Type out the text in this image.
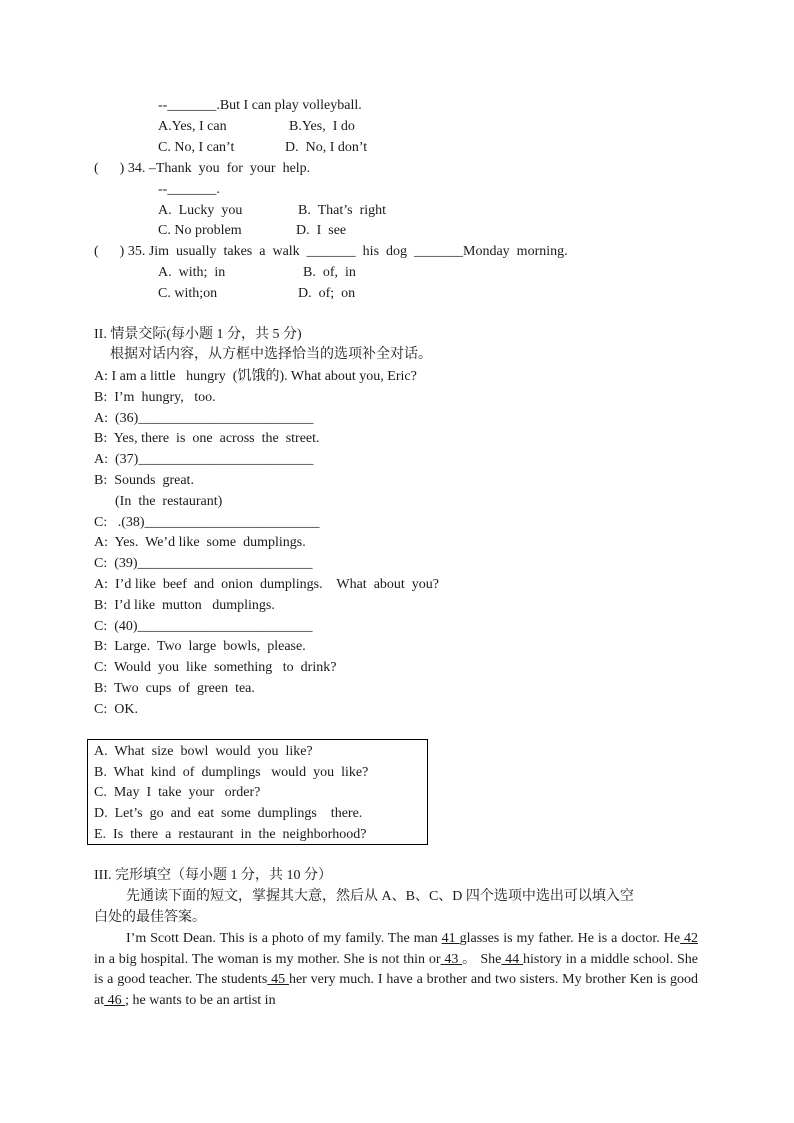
--_______.But I can play volleyball.
A.Yes, I can	B.Yes,  I do
C. No, I can’t	D.  No, I don’t
(      ) 34. –Thank  you  for  your  help.
--_______.
A.  Lucky  you	B.  That’s  right
C. No problem	D.  I  see
(      ) 35. Jim  usually  takes  a  walk  _______  his  dog  _______Monday  morning.
A.  with;  in	B.  of,  in
C. with;on	D.  of;  on
II. 情景交际(每小题 1 分，共 5 分)
根据对话内容，从方框中选择恰当的选项补全对话。
A: I am a little   hungry  (饥饿的). What about you, Eric?
B:  I’m  hungry,   too.
A:  (36)_________________________
B:  Yes, there  is  one  across  the  street.
A:  (37)_________________________
B:  Sounds  great.
(In  the  restaurant)
C:   .(38)_________________________
A:  Yes.  We’d like  some  dumplings.
C:  (39)_________________________
A:  I’d like  beef  and  onion  dumplings.    What  about  you?
B:  I’d like  mutton   dumplings.
C:  (40)_________________________
B:  Large.  Two  large  bowls,  please.
C:  Would  you  like  something   to  drink?
B:  Two  cups  of  green  tea.
C:  OK.
A.  What  size  bowl  would  you  like?
B.  What  kind  of  dumplings   would  you  like?
C.  May  I  take  your   order?
D.  Let’s  go  and  eat  some  dumplings    there.
E.  Is  there  a  restaurant  in  the  neighborhood?
III. 完形填空（每小题 1 分，共 10 分）
先通读下面的短文，掌握其大意，然后从 A、B、C、D 四个选项中选出可以填入空
白处的最佳答案。
I’m Scott Dean. This is a photo of my family. The man 41 glasses is my father. He is a doctor. He 42 in a big hospital. The woman is my mother. She is not thin or 43 。 She 44 history in a middle school. She is a good teacher. The students 45 her very much. I have a brother and two sisters. My brother Ken is good at 46 ; he wants to be an artist in
